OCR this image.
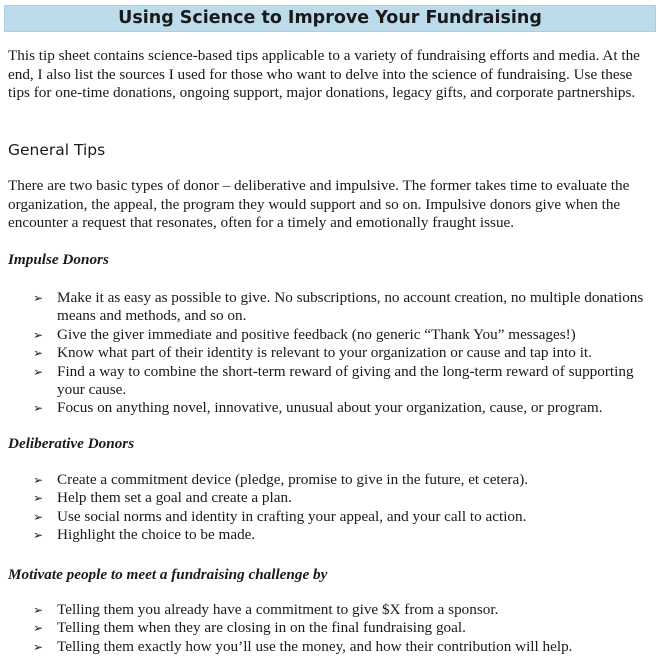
Using Science to Improve Your Fundraising

This tip sheet contains science-based tips applicable to a variety of fundraising efforts and media. At the end, I also list the sources I used for those who want to delve into the science of fundraising. Use these tips for one-time donations, ongoing support, major donations, legacy gifts, and corporate partnerships.

General Tips

There are two basic types of donor – deliberative and impulsive. The former takes time to evaluate the organization, the appeal, the program they would support and so on. Impulsive donors give when the encounter a request that resonates, often for a timely and emotionally fraught issue.

Impulse Donors
➢ Make it as easy as possible to give. No subscriptions, no account creation, no multiple donations means and methods, and so on.
➢ Give the giver immediate and positive feedback (no generic “Thank You” messages!)
➢ Know what part of their identity is relevant to your organization or cause and tap into it.
➢ Find a way to combine the short-term reward of giving and the long-term reward of supporting your cause.
➢ Focus on anything novel, innovative, unusual about your organization, cause, or program.
Deliberative Donors
➢ Create a commitment device (pledge, promise to give in the future, et cetera).
➢ Help them set a goal and create a plan.
➢ Use social norms and identity in crafting your appeal, and your call to action.
➢ Highlight the choice to be made.
Motivate people to meet a fundraising challenge by
➢ Telling them you already have a commitment to give $X from a sponsor.
➢ Telling them when they are closing in on the final fundraising goal.
➢ Telling them exactly how you’ll use the money, and how their contribution will help.
